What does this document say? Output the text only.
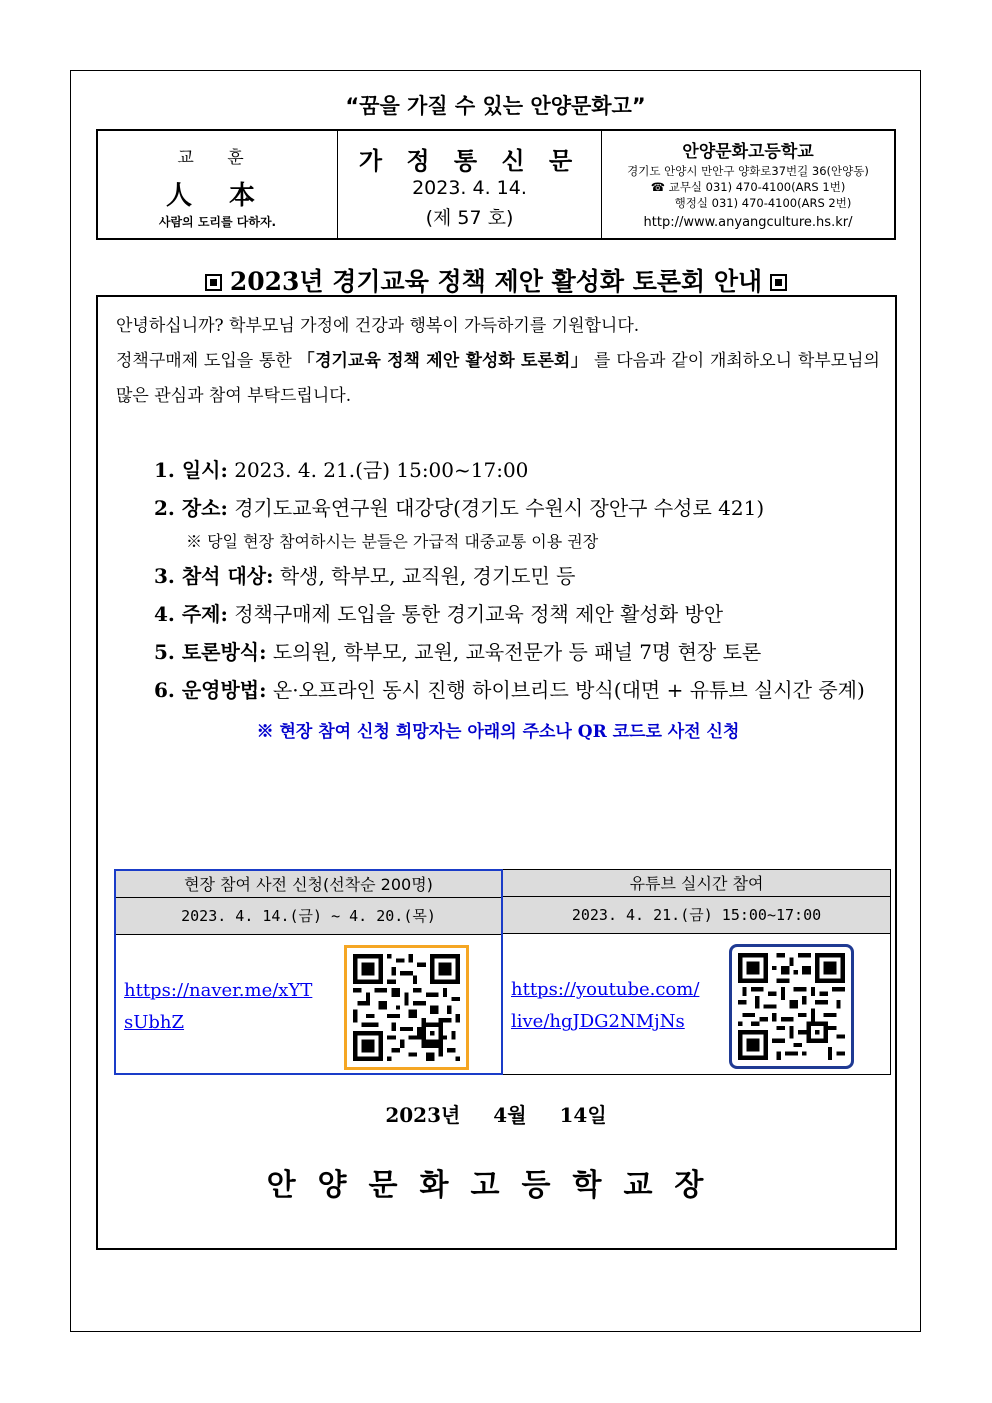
“꿈을 가질 수 있는 안양문화고”
교 훈
人 本
사람의 도리를 다하자.
가 정 통 신 문
2023. 4. 14.
(제 57 호)
안양문화고등학교
경기도 안양시 만안구 양화로37번길 36(안양동)
☎ 교무실 031) 470-4100(ARS 1번)
행정실 031) 470-4100(ARS 2번)
http://www.anyangculture.hs.kr/
2023년 경기교육 정책 제안 활성화 토론회 안내

안녕하십니까? 학부모님 가정에 건강과 행복이 가득하기를 기원합니다.

정책구매제 도입을 통한 「경기교육 정책 제안 활성화 토론회」 를 다음과 같이 개최하오니 학부모님의 많은 관심과 참여 부탁드립니다.

1. 일시: 2023. 4. 21.(금) 15:00~17:00
2. 장소: 경기도교육연구원 대강당(경기도 수원시 장안구 수성로 421)
※ 당일 현장 참여하시는 분들은 가급적 대중교통 이용 권장
3. 참석 대상: 학생, 학부모, 교직원, 경기도민 등
4. 주제: 정책구매제 도입을 통한 경기교육 정책 제안 활성화 방안
5. 토론방식: 도의원, 학부모, 교원, 교육전문가 등 패널 7명 현장 토론
6. 운영방법: 온·오프라인 동시 진행 하이브리드 방식(대면 + 유튜브 실시간 중계)
※ 현장 참여 신청 희망자는 아래의 주소나 QR 코드로 사전 신청
현장 참여 사전 신청(선착순 200명)
2023. 4. 14.(금) ~ 4. 20.(목)
https://naver.me/xYTsUbhZ
유튜브 실시간 참여
2023. 4. 21.(금) 15:00~17:00
https://youtube.com/live/hgJDG2NMjNs
2023년 4월 14일
안양문화고등학교장
